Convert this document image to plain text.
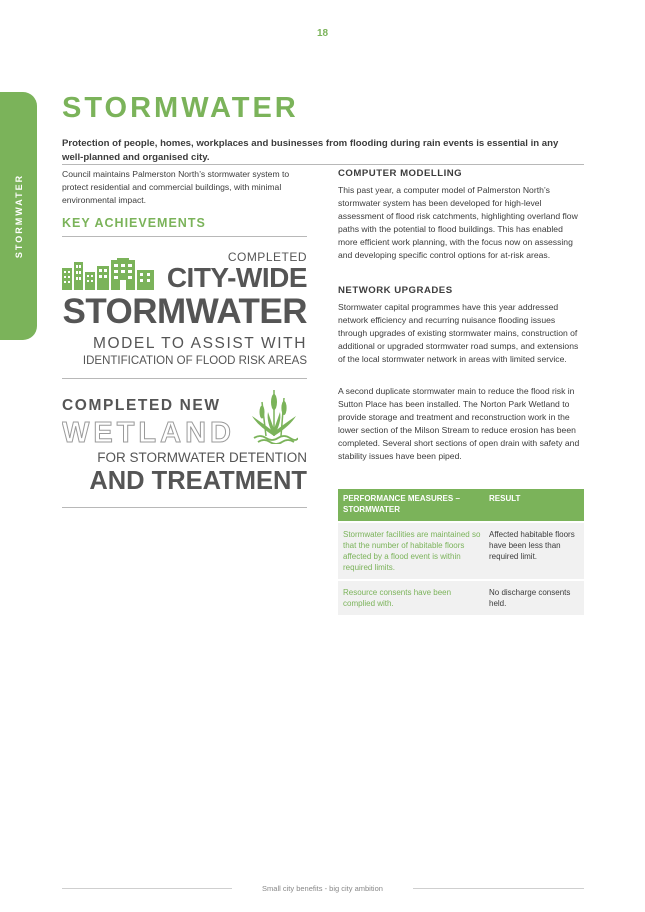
18
STORMWATER
STORMWATER
Protection of people, homes, workplaces and businesses from flooding during rain events is essential in any well-planned and organised city.
Council maintains Palmerston North’s stormwater system to protect residential and commercial buildings, with minimal environmental impact.
KEY ACHIEVEMENTS
COMPLETED
CITY-WIDE
STORMWATER
MODEL TO ASSIST WITH
IDENTIFICATION OF FLOOD RISK AREAS
COMPLETED NEW
WETLAND
FOR STORMWATER DETENTION
AND TREATMENT
COMPUTER MODELLING
This past year, a computer model of Palmerston North’s stormwater system has been developed for high-level assessment of flood risk catchments, highlighting overland flow paths with the potential to flood buildings. This has enabled more efficient work planning, with the focus now on assessing and developing specific control options for at-risk areas.
NETWORK UPGRADES
Stormwater capital programmes have this year addressed network efficiency and recurring nuisance flooding issues through upgrades of existing stormwater mains, construction of additional or upgraded stormwater road sumps, and extensions of the local stormwater network in areas with limited service.
A second duplicate stormwater main to reduce the flood risk in Sutton Place has been installed. The Norton Park Wetland to provide storage and treatment and reconstruction work in the lower section of the Milson Stream to reduce erosion has been completed. Several short sections of open drain with safety and stability issues have been piped.
PERFORMANCE MEASURES – STORMWATER
RESULT
Stormwater facilities are maintained so that the number of habitable floors affected by a flood event is within required limits.
Affected habitable floors have been less than required limit.
Resource consents have been complied with.
No discharge consents held.
Small city benefits - big city ambition
